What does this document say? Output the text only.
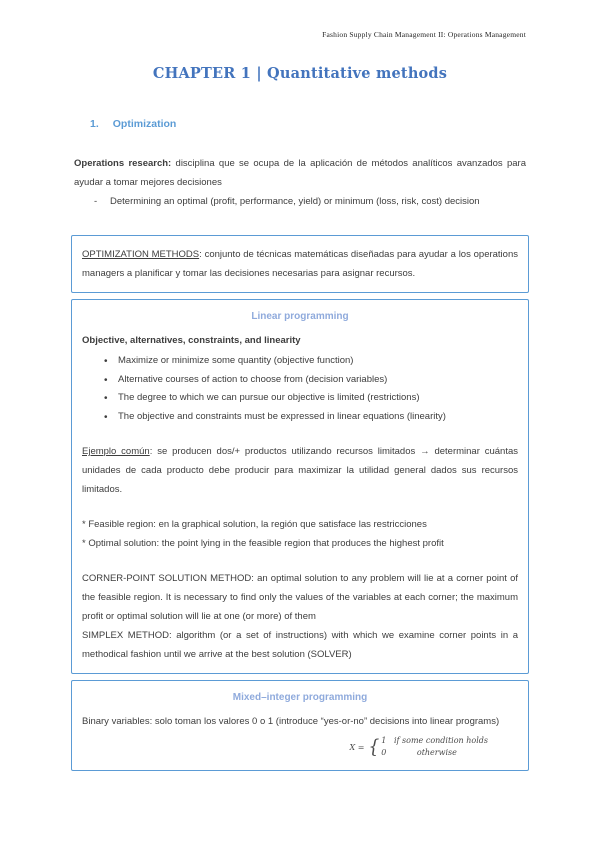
Fashion Supply Chain Management II: Operations Management
CHAPTER 1 | Quantitative methods
1. Optimization

Operations research: disciplina que se ocupa de la aplicación de métodos analíticos avanzados para ayudar a tomar mejores decisiones

- Determining an optimal (profit, performance, yield) or minimum (loss, risk, cost) decision

OPTIMIZATION METHODS: conjunto de técnicas matemáticas diseñadas para ayudar a los operations managers a planificar y tomar las decisiones necesarias para asignar recursos.

Linear programming
Objective, alternatives, constraints, and linearity
• Maximize or minimize some quantity (objective function)
• Alternative courses of action to choose from (decision variables)
• The degree to which we can pursue our objective is limited (restrictions)
• The objective and constraints must be expressed in linear equations (linearity)

Ejemplo común: se producen dos/+ productos utilizando recursos limitados → determinar cuántas unidades de cada producto debe producir para maximizar la utilidad general dados sus recursos limitados.

* Feasible region: en la graphical solution, la región que satisface las restricciones

* Optimal solution: the point lying in the feasible region that produces the highest profit

CORNER-POINT SOLUTION METHOD: an optimal solution to any problem will lie at a corner point of the feasible region. It is necessary to find only the values of the variables at each corner; the maximum profit or optimal solution will lie at one (or more) of them

SIMPLEX METHOD: algorithm (or a set of instructions) with which we examine corner points in a methodical fashion until we arrive at the best solution (SOLVER)

Mixed–integer programming

Binary variables: solo toman los valores 0 o 1 (introduce “yes-or-no” decisions into linear programs)

X = { 1   if some condition holds
0            otherwise
